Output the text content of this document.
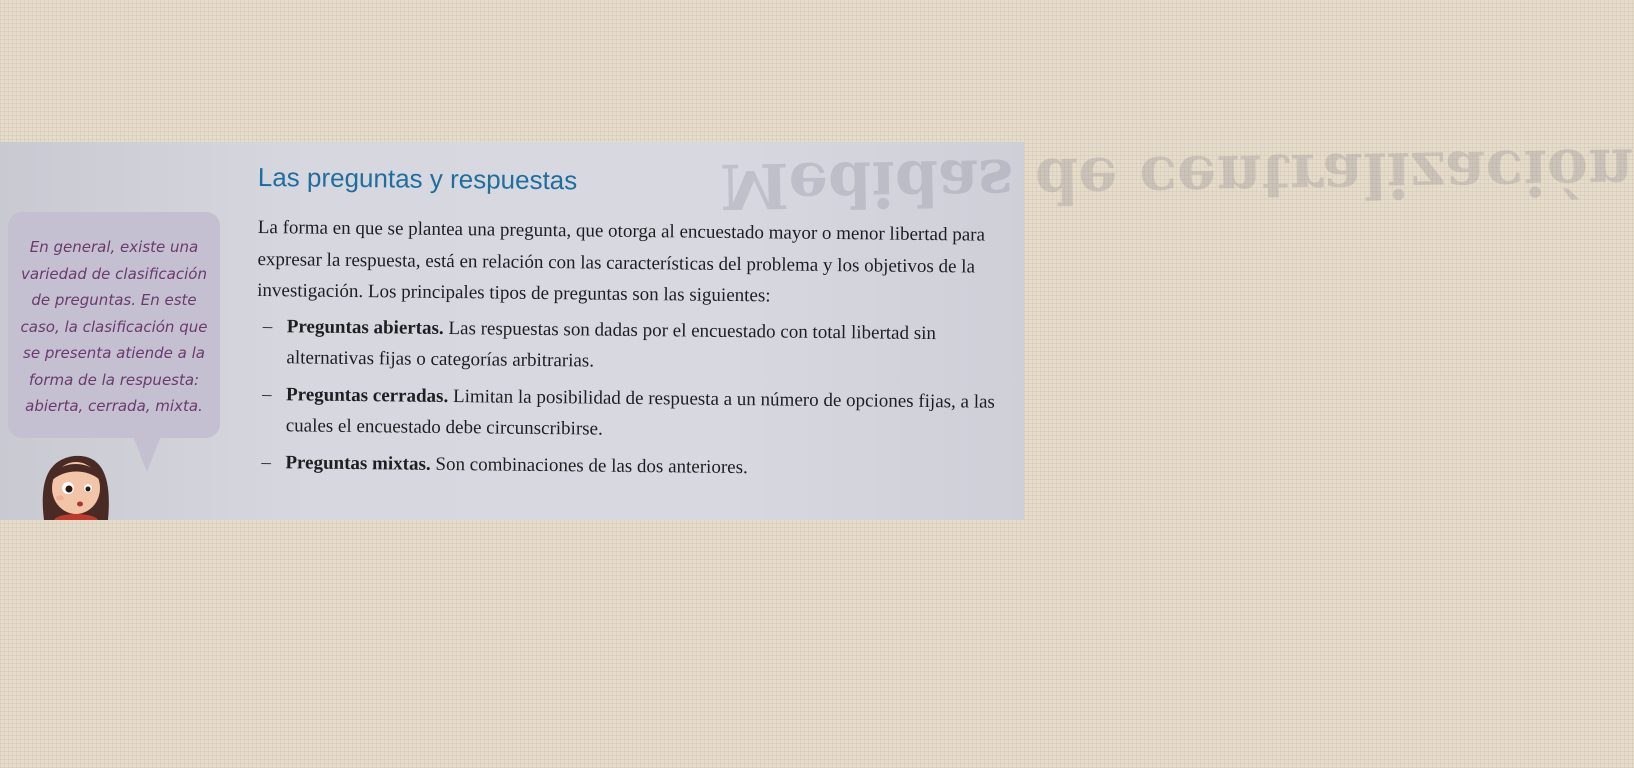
Medidas de centralización
En general, existe una
variedad de clasificación
de preguntas. En este
caso, la clasificación que
se presenta atiende a la
forma de la respuesta:
abierta, cerrada, mixta.
Las preguntas y respuestas

La forma en que se plantea una pregunta, que otorga al encuestado mayor o menor libertad para expresar la respuesta, está en relación con las características del problema y los objetivos de la investigación. Los principales tipos de preguntas son las siguientes:

– Preguntas abiertas. Las respuestas son dadas por el encuestado con total libertad sin alternativas fijas o categorías arbitrarias.
– Preguntas cerradas. Limitan la posibilidad de respuesta a un número de opciones fijas, a las cuales el encuestado debe circunscribirse.
– Preguntas mixtas. Son combinaciones de las dos anteriores.
